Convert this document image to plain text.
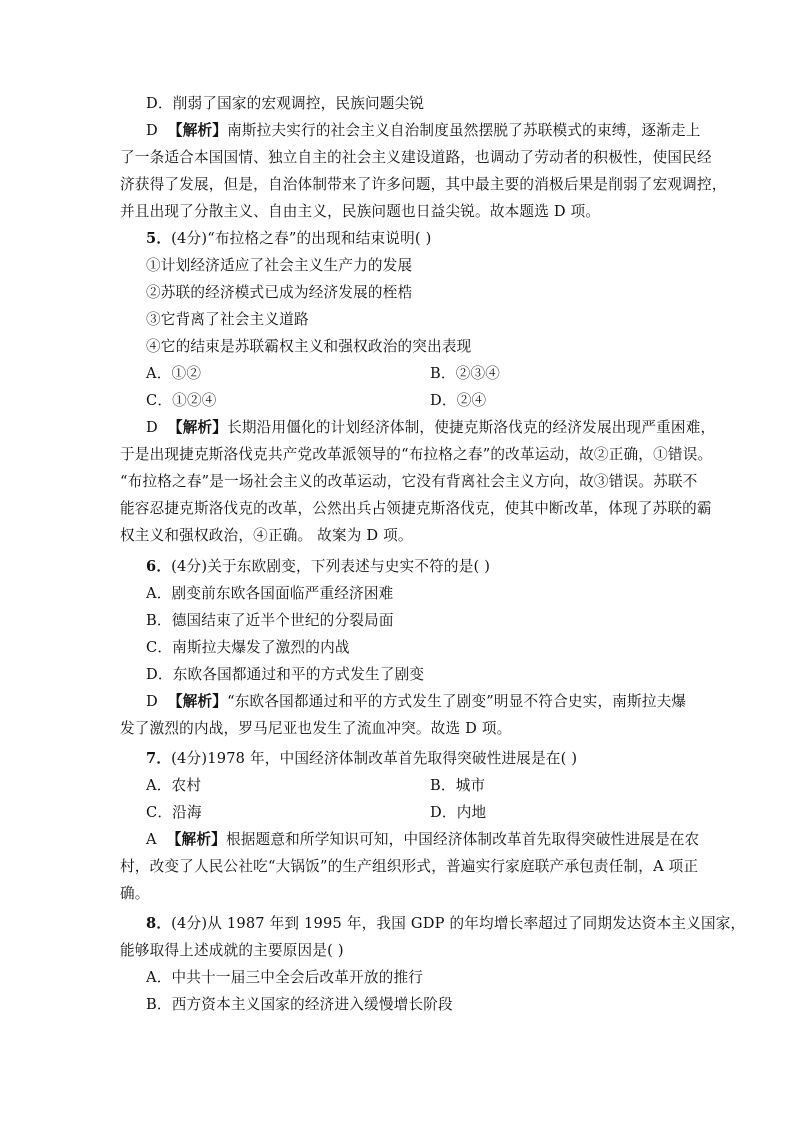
D．削弱了国家的宏观调控，民族问题尖锐
D 【解析】南斯拉夫实行的社会主义自治制度虽然摆脱了苏联模式的束缚，逐渐走上
了一条适合本国国情、独立自主的社会主义建设道路，也调动了劳动者的积极性，使国民经
济获得了发展，但是，自治体制带来了许多问题，其中最主要的消极后果是削弱了宏观调控，
并且出现了分散主义、自由主义，民族问题也日益尖锐。故本题选 D 项。
5．(4分)“布拉格之春”的出现和结束说明( )
①计划经济适应了社会主义生产力的发展
②苏联的经济模式已成为经济发展的桎梏
③它背离了社会主义道路
④它的结束是苏联霸权主义和强权政治的突出表现
A．①②	B．②③④
C．①②④	D．②④
D 【解析】长期沿用僵化的计划经济体制，使捷克斯洛伐克的经济发展出现严重困难，
于是出现捷克斯洛伐克共产党改革派领导的“布拉格之春”的改革运动，故②正确，①错误。
“布拉格之春”是一场社会主义的改革运动，它没有背离社会主义方向，故③错误。苏联不
能容忍捷克斯洛伐克的改革，公然出兵占领捷克斯洛伐克，使其中断改革，体现了苏联的霸
权主义和强权政治，④正确。 故案为 D 项。
6．(4分)关于东欧剧变，下列表述与史实不符的是( )
A．剧变前东欧各国面临严重经济困难
B．德国结束了近半个世纪的分裂局面
C．南斯拉夫爆发了激烈的内战
D．东欧各国都通过和平的方式发生了剧变
D 【解析】“东欧各国都通过和平的方式发生了剧变”明显不符合史实，南斯拉夫爆
发了激烈的内战，罗马尼亚也发生了流血冲突。故选 D 项。
7．(4分)1978 年，中国经济体制改革首先取得突破性进展是在( )
A．农村	B．城市
C．沿海	D．内地
A 【解析】根据题意和所学知识可知，中国经济体制改革首先取得突破性进展是在农
村，改变了人民公社吃“大锅饭”的生产组织形式，普遍实行家庭联产承包责任制，A 项正
确。
8．(4分)从 1987 年到 1995 年，我国 GDP 的年均增长率超过了同期发达资本主义国家，
能够取得上述成就的主要原因是( )
A．中共十一届三中全会后改革开放的推行
B．西方资本主义国家的经济进入缓慢增长阶段
